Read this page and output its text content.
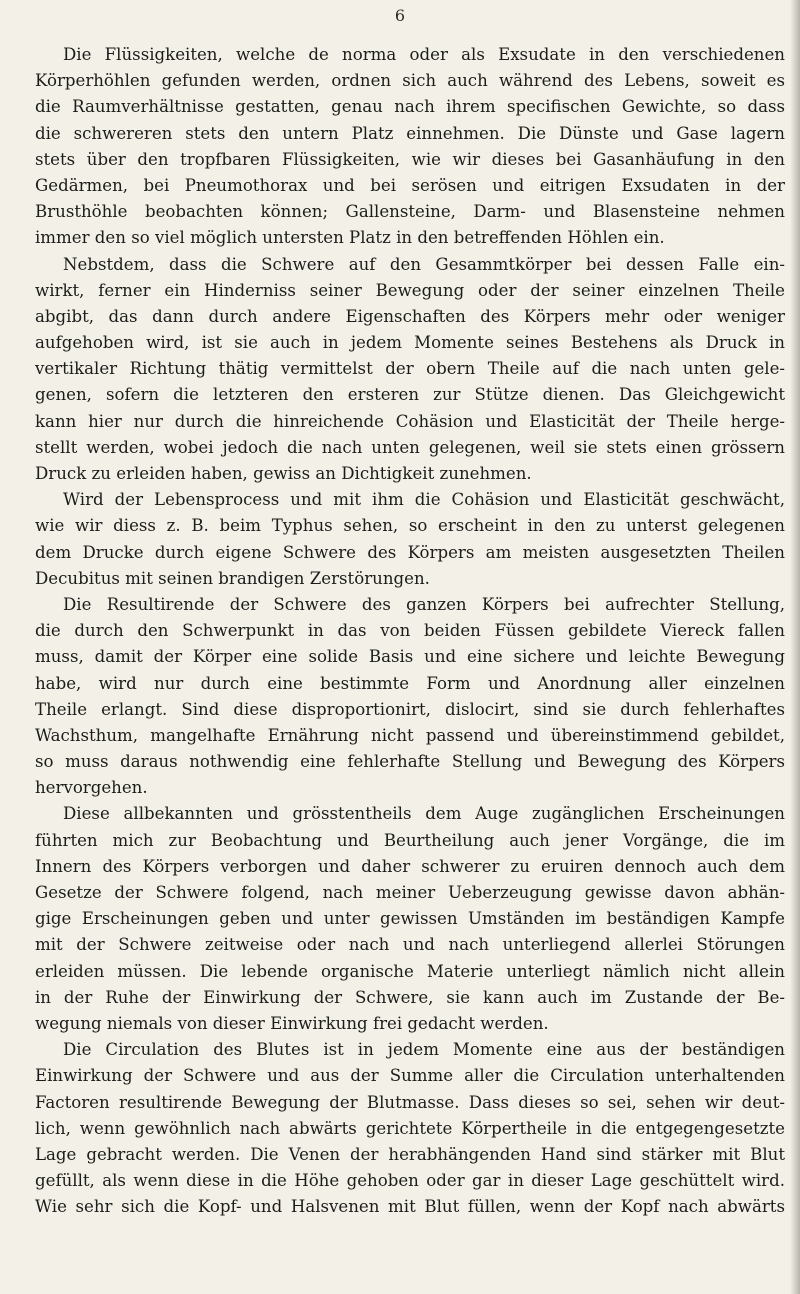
6
Die Flüssigkeiten, welche de norma oder als Exsudate in den verschiedenen
Körperhöhlen gefunden werden, ordnen sich auch während des Lebens, soweit es
die Raumverhältnisse gestatten, genau nach ihrem specifischen Gewichte, so dass
die schwereren stets den untern Platz einnehmen. Die Dünste und Gase lagern
stets über den tropfbaren Flüssigkeiten, wie wir dieses bei Gasanhäufung in den
Gedärmen, bei Pneumothorax und bei serösen und eitrigen Exsudaten in der
Brusthöhle beobachten können; Gallensteine, Darm- und Blasensteine nehmen
immer den so viel möglich untersten Platz in den betreffenden Höhlen ein.
Nebstdem, dass die Schwere auf den Gesammtkörper bei dessen Falle ein-
wirkt, ferner ein Hinderniss seiner Bewegung oder der seiner einzelnen Theile
abgibt, das dann durch andere Eigenschaften des Körpers mehr oder weniger
aufgehoben wird, ist sie auch in jedem Momente seines Bestehens als Druck in
vertikaler Richtung thätig vermittelst der obern Theile auf die nach unten gele-
genen, sofern die letzteren den ersteren zur Stütze dienen. Das Gleichgewicht
kann hier nur durch die hinreichende Cohäsion und Elasticität der Theile herge-
stellt werden, wobei jedoch die nach unten gelegenen, weil sie stets einen grössern
Druck zu erleiden haben, gewiss an Dichtigkeit zunehmen.
Wird der Lebensprocess und mit ihm die Cohäsion und Elasticität geschwächt,
wie wir diess z. B. beim Typhus sehen, so erscheint in den zu unterst gelegenen
dem Drucke durch eigene Schwere des Körpers am meisten ausgesetzten Theilen
Decubitus mit seinen brandigen Zerstörungen.
Die Resultirende der Schwere des ganzen Körpers bei aufrechter Stellung,
die durch den Schwerpunkt in das von beiden Füssen gebildete Viereck fallen
muss, damit der Körper eine solide Basis und eine sichere und leichte Bewegung
habe, wird nur durch eine bestimmte Form und Anordnung aller einzelnen
Theile erlangt. Sind diese disproportionirt, dislocirt, sind sie durch fehlerhaftes
Wachsthum, mangelhafte Ernährung nicht passend und übereinstimmend gebildet,
so muss daraus nothwendig eine fehlerhafte Stellung und Bewegung des Körpers
hervorgehen.
Diese allbekannten und grösstentheils dem Auge zugänglichen Erscheinungen
führten mich zur Beobachtung und Beurtheilung auch jener Vorgänge, die im
Innern des Körpers verborgen und daher schwerer zu eruiren dennoch auch dem
Gesetze der Schwere folgend, nach meiner Ueberzeugung gewisse davon abhän-
gige Erscheinungen geben und unter gewissen Umständen im beständigen Kampfe
mit der Schwere zeitweise oder nach und nach unterliegend allerlei Störungen
erleiden müssen. Die lebende organische Materie unterliegt nämlich nicht allein
in der Ruhe der Einwirkung der Schwere, sie kann auch im Zustande der Be-
wegung niemals von dieser Einwirkung frei gedacht werden.
Die Circulation des Blutes ist in jedem Momente eine aus der beständigen
Einwirkung der Schwere und aus der Summe aller die Circulation unterhaltenden
Factoren resultirende Bewegung der Blutmasse. Dass dieses so sei, sehen wir deut-
lich, wenn gewöhnlich nach abwärts gerichtete Körpertheile in die entgegengesetzte
Lage gebracht werden. Die Venen der herabhängenden Hand sind stärker mit Blut
gefüllt, als wenn diese in die Höhe gehoben oder gar in dieser Lage geschüttelt wird.
Wie sehr sich die Kopf- und Halsvenen mit Blut füllen, wenn der Kopf nach abwärts
